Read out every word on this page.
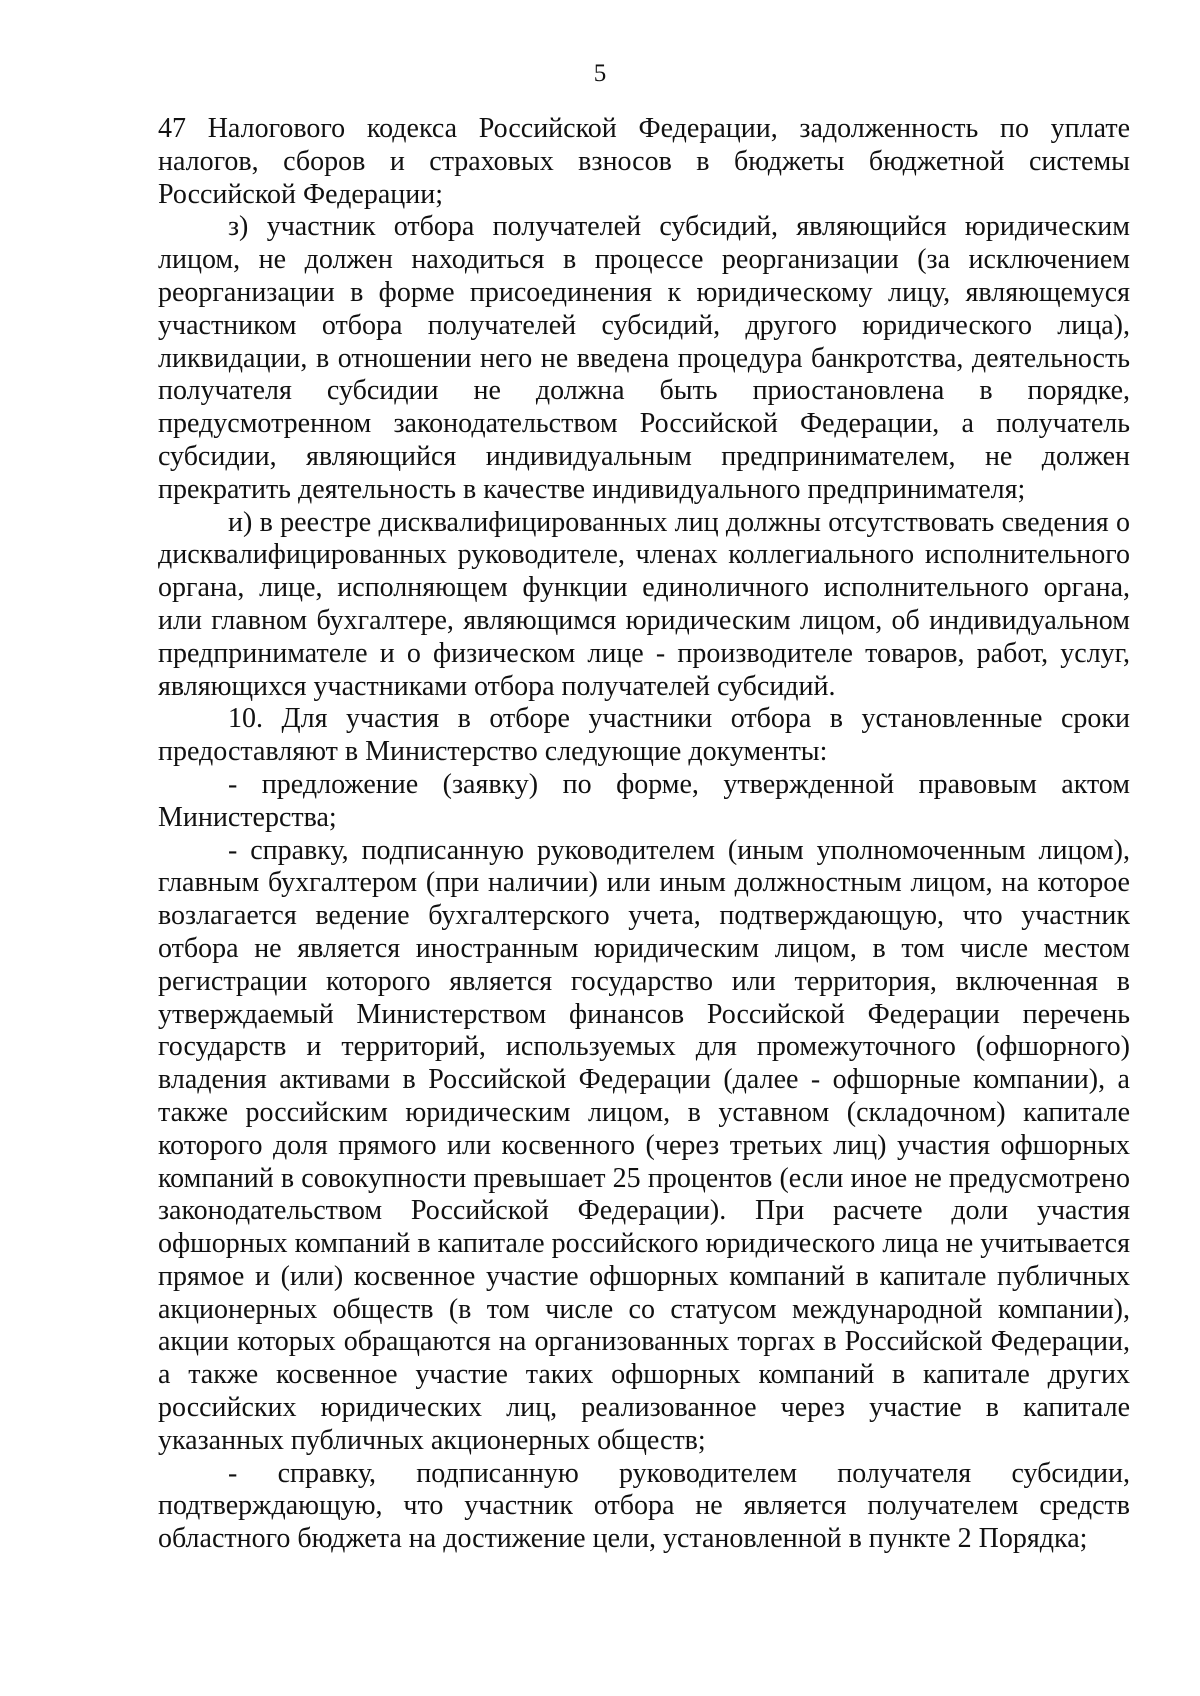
5

47 Налогового кодекса Российской Федерации, задолженность по уплате налогов, сборов и страховых взносов в бюджеты бюджетной системы Российской Федерации;

з) участник отбора получателей субсидий, являющийся юридическим лицом, не должен находиться в процессе реорганизации (за исключением реорганизации в форме присоединения к юридическому лицу, являющемуся участником отбора получателей субсидий, другого юридического лица), ликвидации, в отношении него не введена процедура банкротства, деятельность получателя субсидии не должна быть приостановлена в порядке, предусмотренном законодательством Российской Федерации, а получатель субсидии, являющийся индивидуальным предпринимателем, не должен прекратить деятельность в качестве индивидуального предпринимателя;

и) в реестре дисквалифицированных лиц должны отсутствовать сведения о дисквалифицированных руководителе, членах коллегиального исполнительного органа, лице, исполняющем функции единоличного исполнительного органа, или главном бухгалтере, являющимся юридическим лицом, об индивидуальном предпринимателе и о физическом лице - производителе товаров, работ, услуг, являющихся участниками отбора получателей субсидий.

10. Для участия в отборе участники отбора в установленные сроки предоставляют в Министерство следующие документы:

- предложение (заявку) по форме, утвержденной правовым актом Министерства;

- справку, подписанную руководителем (иным уполномоченным лицом), главным бухгалтером (при наличии) или иным должностным лицом, на которое возлагается ведение бухгалтерского учета, подтверждающую, что участник отбора не является иностранным юридическим лицом, в том числе местом регистрации которого является государство или территория, включенная в утверждаемый Министерством финансов Российской Федерации перечень государств и территорий, используемых для промежуточного (офшорного) владения активами в Российской Федерации (далее - офшорные компании), а также российским юридическим лицом, в уставном (складочном) капитале которого доля прямого или косвенного (через третьих лиц) участия офшорных компаний в совокупности превышает 25 процентов (если иное не предусмотрено законодательством Российской Федерации). При расчете доли участия офшорных компаний в капитале российского юридического лица не учитывается прямое и (или) косвенное участие офшорных компаний в капитале публичных акционерных обществ (в том числе со статусом международной компании), акции которых обращаются на организованных торгах в Российской Федерации, а также косвенное участие таких офшорных компаний в капитале других российских юридических лиц, реализованное через участие в капитале указанных публичных акционерных обществ;

- справку, подписанную руководителем получателя субсидии, подтверждающую, что участник отбора не является получателем средств областного бюджета на достижение цели, установленной в пункте 2 Порядка;
